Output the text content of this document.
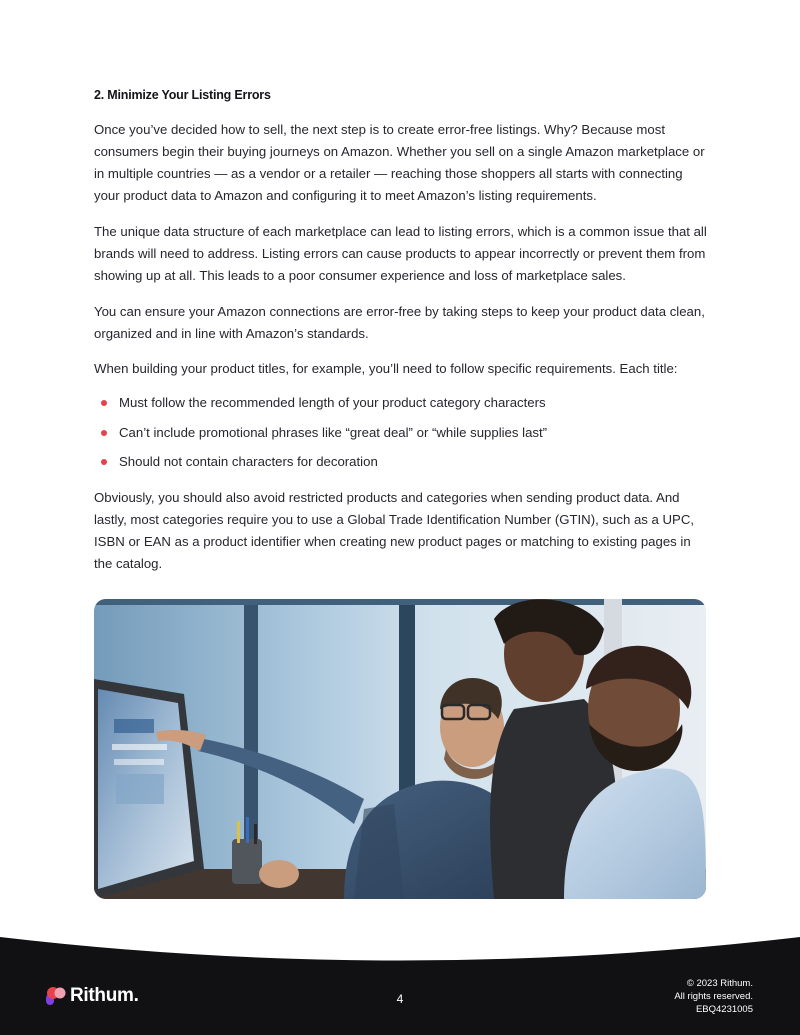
2. Minimize Your Listing Errors

Once you’ve decided how to sell, the next step is to create error-free listings. Why? Because most consumers begin their buying journeys on Amazon. Whether you sell on a single Amazon marketplace or in multiple countries — as a vendor or a retailer — reaching those shoppers all starts with connecting your product data to Amazon and configuring it to meet Amazon’s listing requirements.

The unique data structure of each marketplace can lead to listing errors, which is a common issue that all brands will need to address. Listing errors can cause products to appear incorrectly or prevent them from showing up at all. This leads to a poor consumer experience and loss of marketplace sales.

You can ensure your Amazon connections are error-free by taking steps to keep your product data clean, organized and in line with Amazon’s standards.

When building your product titles, for example, you’ll need to follow specific requirements. Each title:

Must follow the recommended length of your product category characters
Can’t include promotional phrases like “great deal” or “while supplies last”
Should not contain characters for decoration

Obviously, you should also avoid restricted products and categories when sending product data. And lastly, most categories require you to use a Global Trade Identification Number (GTIN), such as a UPC, ISBN or EAN as a product identifier when creating new product pages or matching to existing pages in the catalog.

Rithum .	4
© 2023 Rithum.
All rights reserved.
EBQ4231005
